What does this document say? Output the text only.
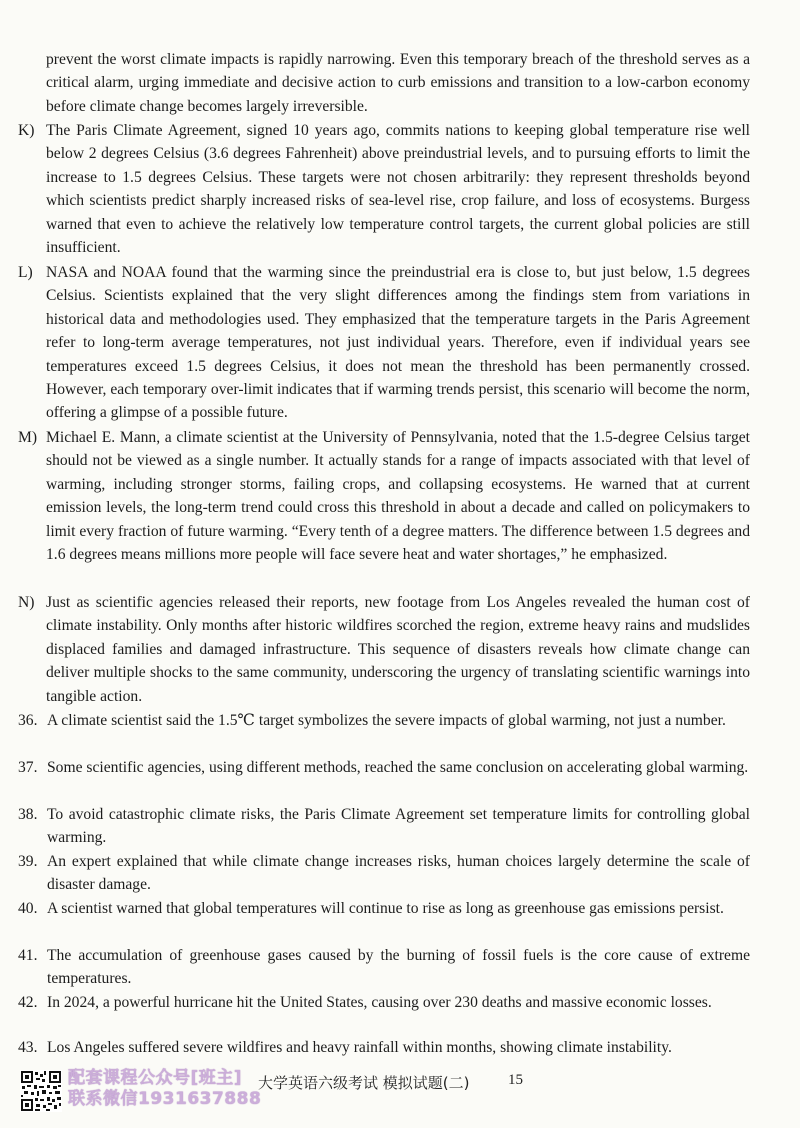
prevent the worst climate impacts is rapidly narrowing. Even this temporary breach of the threshold serves as a critical alarm, urging immediate and decisive action to curb emissions and transition to a low-carbon economy before climate change becomes largely irreversible.
K) The Paris Climate Agreement, signed 10 years ago, commits nations to keeping global temperature rise well below 2 degrees Celsius (3.6 degrees Fahrenheit) above preindustrial levels, and to pursuing efforts to limit the increase to 1.5 degrees Celsius. These targets were not chosen arbitrarily: they represent thresholds beyond which scientists predict sharply increased risks of sea-level rise, crop failure, and loss of ecosystems. Burgess warned that even to achieve the relatively low temperature control targets, the current global policies are still insufficient.
L) NASA and NOAA found that the warming since the preindustrial era is close to, but just below, 1.5 degrees Celsius. Scientists explained that the very slight differences among the findings stem from variations in historical data and methodologies used. They emphasized that the temperature targets in the Paris Agreement refer to long-term average temperatures, not just individual years. Therefore, even if individual years see temperatures exceed 1.5 degrees Celsius, it does not mean the threshold has been permanently crossed. However, each temporary over-limit indicates that if warming trends persist, this scenario will become the norm, offering a glimpse of a possible future.
M) Michael E. Mann, a climate scientist at the University of Pennsylvania, noted that the 1.5-degree Celsius target should not be viewed as a single number. It actually stands for a range of impacts associated with that level of warming, including stronger storms, failing crops, and collapsing ecosystems. He warned that at current emission levels, the long-term trend could cross this threshold in about a decade and called on policymakers to limit every fraction of future warming. “Every tenth of a degree matters. The difference between 1.5 degrees and 1.6 degrees means millions more people will face severe heat and water shortages,” he emphasized.
N) Just as scientific agencies released their reports, new footage from Los Angeles revealed the human cost of climate instability. Only months after historic wildfires scorched the region, extreme heavy rains and mudslides displaced families and damaged infrastructure. This sequence of disasters reveals how climate change can deliver multiple shocks to the same community, underscoring the urgency of translating scientific warnings into tangible action.
36. A climate scientist said the 1.5℃ target symbolizes the severe impacts of global warming, not just a number.
37. Some scientific agencies, using different methods, reached the same conclusion on accelerating global warming.
38. To avoid catastrophic climate risks, the Paris Climate Agreement set temperature limits for controlling global warming.
39. An expert explained that while climate change increases risks, human choices largely determine the scale of disaster damage.
40. A scientist warned that global temperatures will continue to rise as long as greenhouse gas emissions persist.
41. The accumulation of greenhouse gases caused by the burning of fossil fuels is the core cause of extreme temperatures.
42. In 2024, a powerful hurricane hit the United States, causing over 230 deaths and massive economic losses.
43. Los Angeles suffered severe wildfires and heavy rainfall within months, showing climate instability.
配套课程公众号[班主]
联系微信1931637888
大学英语六级考试 模拟试题(二)	15
